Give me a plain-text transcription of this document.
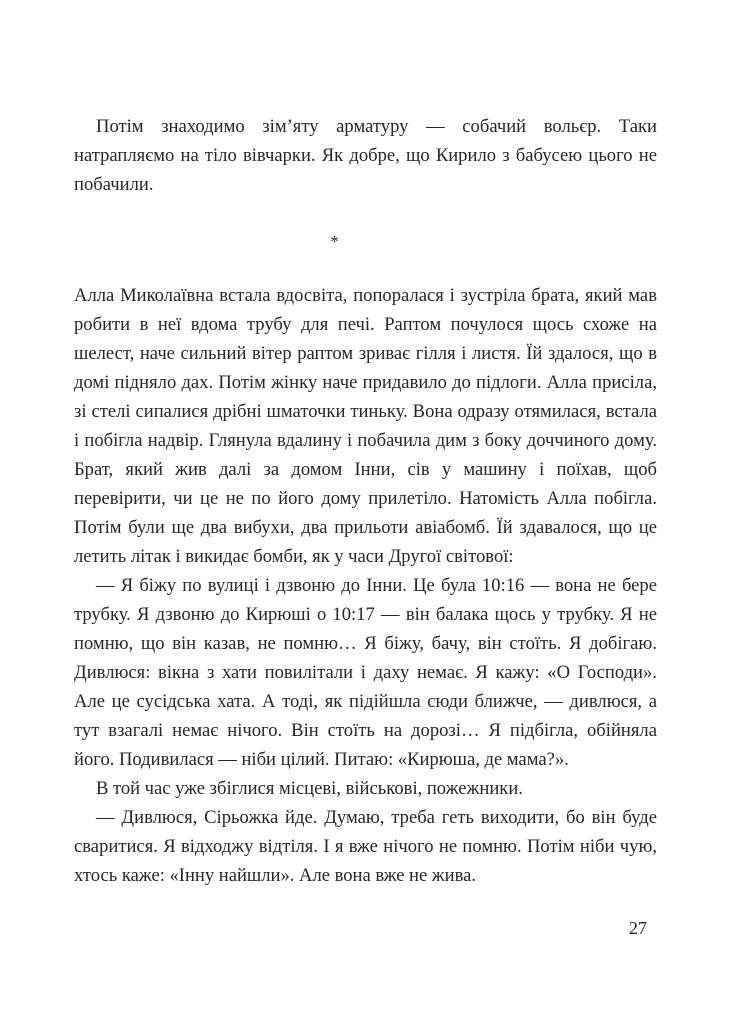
Потім знаходимо зім’яту арматуру — собачий вольєр. Таки натрапляємо на тіло вівчарки. Як добре, що Кирило з бабусею цього не побачили.

*

Алла Миколаївна встала вдосвіта, попоралася і зустріла брата, який мав робити в неї вдома трубу для печі. Раптом почулося щось схоже на шелест, наче сильний вітер раптом зриває гілля і листя. Їй здалося, що в домі підняло дах. Потім жінку наче придавило до підлоги. Алла присіла, зі стелі сипалися дрібні шматочки тиньку. Вона одразу отямилася, встала і побігла надвір. Глянула вдалину і побачила дим з боку доччиного дому. Брат, який жив далі за домом Інни, сів у машину і поїхав, щоб перевірити, чи це не по його дому прилетіло. Натомість Алла побігла. Потім були ще два вибухи, два прильоти авіабомб. Їй здавалося, що це летить літак і викидає бомби, як у часи Другої світової:

— Я біжу по вулиці і дзвоню до Інни. Це була 10:16 — вона не бере трубку. Я дзвоню до Кирюші о 10:17 — він балака щось у трубку. Я не помню, що він казав, не помню… Я біжу, бачу, він стоїть. Я добігаю. Дивлюся: вікна з хати повилітали і даху немає. Я кажу: «О Господи». Але це сусідська хата. А тоді, як підійшла сюди ближче, — дивлюся, а тут взагалі немає нічого. Він стоїть на дорозі… Я підбігла, обійняла його. Подивилася — ніби цілий. Питаю: «Кирюша, де мама?».

В той час уже збіглися місцеві, військові, пожежники.

— Дивлюся, Сірьожка йде. Думаю, треба геть виходити, бо він буде сваритися. Я відходжу відтіля. І я вже нічого не помню. Потім ніби чую, хтось каже: «Інну найшли». Але вона вже не жива.

27
